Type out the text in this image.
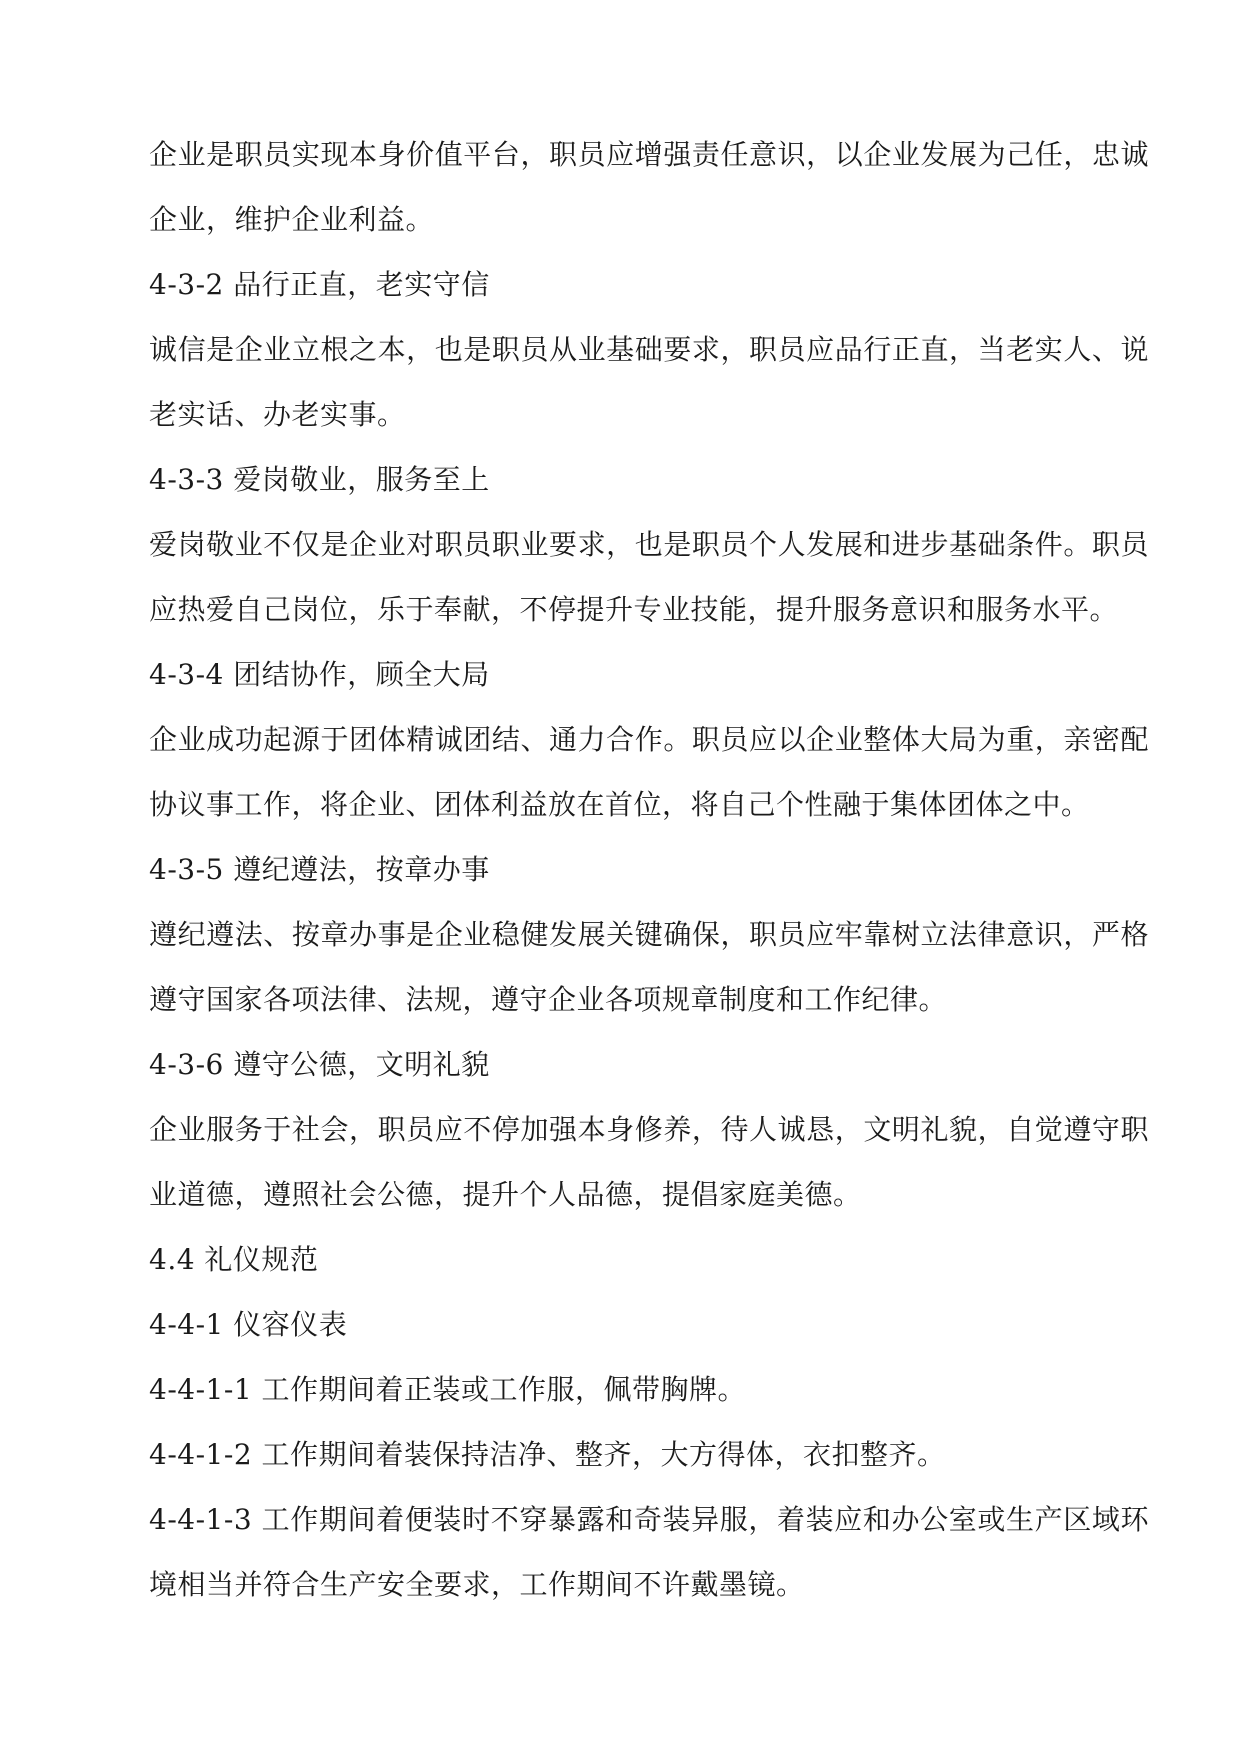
企业是职员实现本身价值平台，职员应增强责任意识，以企业发展为己任，忠诚企业，维护企业利益。

4-3-2 品行正直，老实守信

诚信是企业立根之本，也是职员从业基础要求，职员应品行正直，当老实人、说老实话、办老实事。

4-3-3 爱岗敬业，服务至上

爱岗敬业不仅是企业对职员职业要求，也是职员个人发展和进步基础条件。职员应热爱自己岗位，乐于奉献，不停提升专业技能，提升服务意识和服务水平。

4-3-4 团结协作，顾全大局

企业成功起源于团体精诚团结、通力合作。职员应以企业整体大局为重，亲密配协议事工作，将企业、团体利益放在首位，将自己个性融于集体团体之中。

4-3-5 遵纪遵法，按章办事

遵纪遵法、按章办事是企业稳健发展关键确保，职员应牢靠树立法律意识，严格遵守国家各项法律、法规，遵守企业各项规章制度和工作纪律。

4-3-6 遵守公德，文明礼貌

企业服务于社会，职员应不停加强本身修养，待人诚恳，文明礼貌，自觉遵守职业道德，遵照社会公德，提升个人品德，提倡家庭美德。

4.4 礼仪规范

4-4-1 仪容仪表

4-4-1-1 工作期间着正装或工作服，佩带胸牌。

4-4-1-2 工作期间着装保持洁净、整齐，大方得体，衣扣整齐。

4-4-1-3 工作期间着便装时不穿暴露和奇装异服，着装应和办公室或生产区域环境相当并符合生产安全要求，工作期间不许戴墨镜。
